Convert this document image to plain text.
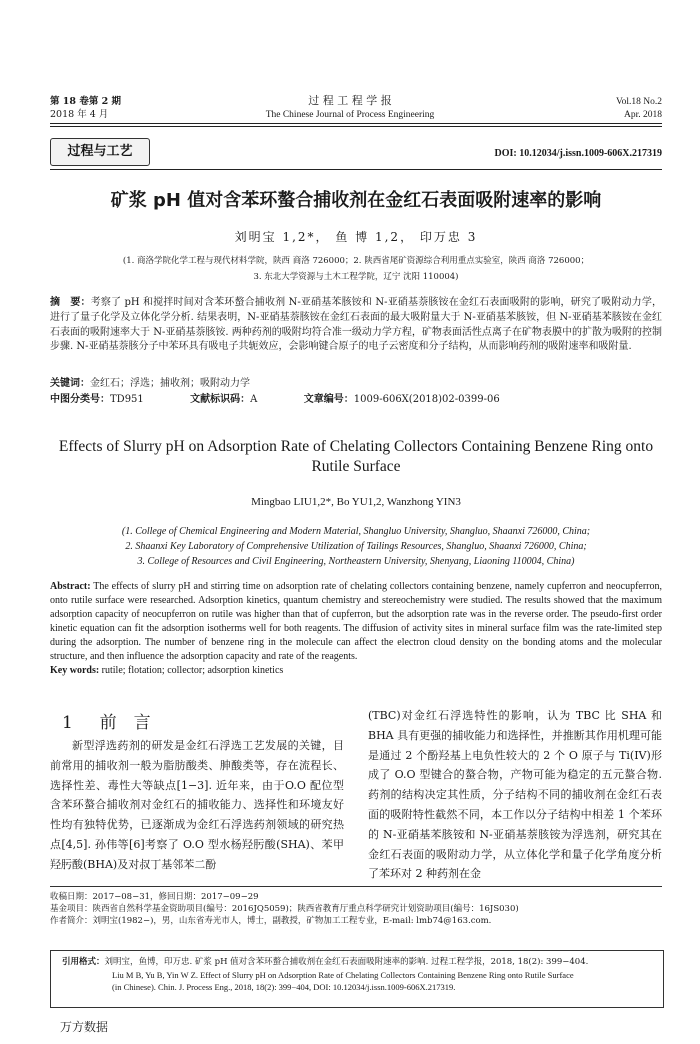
第 18 卷第 2 期
2018 年 4 月
过 程 工 程 学 报
The Chinese Journal of Process Engineering
Vol.18 No.2
Apr. 2018
过程与工艺	DOI: 10.12034/j.issn.1009-606X.217319
矿浆 pH 值对含苯环螯合捕收剂在金红石表面吸附速率的影响
刘明宝 1,2*， 鱼 博 1,2， 印万忠 3
(1. 商洛学院化学工程与现代材料学院，陕西 商洛 726000；2. 陕西省尾矿资源综合利用重点实验室，陕西 商洛 726000；
3. 东北大学资源与土木工程学院，辽宁 沈阳 110004)
摘　要：考察了 pH 和搅拌时间对含苯环螯合捕收剂 N-亚硝基苯胲铵和 N-亚硝基萘胲铵在金红石表面吸附的影响，研究了吸附动力学，进行了量子化学及立体化学分析. 结果表明，N-亚硝基萘胲铵在金红石表面的最大吸附量大于 N-亚硝基苯胲铵，但 N-亚硝基苯胲铵在金红石表面的吸附速率大于 N-亚硝基萘胲铵. 两种药剂的吸附均符合准一级动力学方程，矿物表面活性点离子在矿物表膜中的扩散为吸附的控制步骤. N-亚硝基萘胲分子中苯环具有吸电子共轭效应，会影响键合原子的电子云密度和分子结构，从而影响药剂的吸附速率和吸附量.
关键词：金红石；浮选；捕收剂；吸附动力学
中图分类号：TD951	文献标识码：A	文章编号：1009-606X(2018)02-0399-06
Effects of Slurry pH on Adsorption Rate of Chelating Collectors Containing Benzene Ring onto Rutile Surface
Mingbao LIU1,2*, Bo YU1,2, Wanzhong YIN3
(1. College of Chemical Engineering and Modern Material, Shangluo University, Shangluo, Shaanxi 726000, China;
2. Shaanxi Key Laboratory of Comprehensive Utilization of Tailings Resources, Shangluo, Shaanxi 726000, China;
3. College of Resources and Civil Engineering, Northeastern University, Shenyang, Liaoning 110004, China)
Abstract: The effects of slurry pH and stirring time on adsorption rate of chelating collectors containing benzene, namely cupferron and neocupferron, onto rutile surface were researched. Adsorption kinetics, quantum chemistry and stereochemistry were studied. The results showed that the maximum adsorption capacity of neocupferron on rutile was higher than that of cupferron, but the adsorption rate was in the reverse order. The pseudo-first order kinetic equation can fit the adsorption isotherms well for both reagents. The diffusion of activity sites in mineral surface film was the rate-limited step during the adsorption. The number of benzene ring in the molecule can affect the electron cloud density on the bonding atoms and the molecular structure, and then influence the adsorption capacity and rate of the reagents.
Key words: rutile; flotation; collector; adsorption kinetics
1 前　言
新型浮选药剂的研发是金红石浮选工艺发展的关键，目前常用的捕收剂一般为脂肪酸类、胂酸类等，存在流程长、选择性差、毒性大等缺点[1−3]. 近年来，由于O.O 配位型含苯环螯合捕收剂对金红石的捕收能力、选择性和环境友好性均有独特优势，已逐渐成为金红石浮选药剂领域的研究热点[4,5]. 孙伟等[6]考察了 O.O 型水杨羟肟酸(SHA)、苯甲羟肟酸(BHA)及对叔丁基邻苯二酚
(TBC)对金红石浮选特性的影响，认为 TBC 比 SHA 和 BHA 具有更强的捕收能力和选择性，并推断其作用机理可能是通过 2 个酚羟基上电负性较大的 2 个 O 原子与 Ti(IV)形成了 O.O 型键合的螯合物，产物可能为稳定的五元螯合物. 药剂的结构决定其性质，分子结构不同的捕收剂在金红石表面的吸附特性截然不同，本工作以分子结构中相差 1 个苯环的 N-亚硝基苯胲铵和 N-亚硝基萘胲铵为浮选剂，研究其在金红石表面的吸附动力学，从立体化学和量子化学角度分析了苯环对 2 种药剂在金
收稿日期：2017−08−31，修回日期：2017−09−29
基金项目：陕西省自然科学基金资助项目(编号：2016JQ5059)；陕西省教育厅重点科学研究计划资助项目(编号：16JS030)
作者简介：刘明宝(1982−)，男，山东省寿光市人，博士，副教授，矿物加工工程专业，E-mail: lmb74@163.com.
引用格式：刘明宝，鱼博，印万忠. 矿浆 pH 值对含苯环螯合捕收剂在金红石表面吸附速率的影响. 过程工程学报，2018, 18(2): 399−404.
Liu M B, Yu B, Yin W Z. Effect of Slurry pH on Adsorption Rate of Chelating Collectors Containing Benzene Ring onto Rutile Surface
(in Chinese). Chin. J. Process Eng., 2018, 18(2): 399−404, DOI: 10.12034/j.issn.1009-606X.217319.
万方数据
